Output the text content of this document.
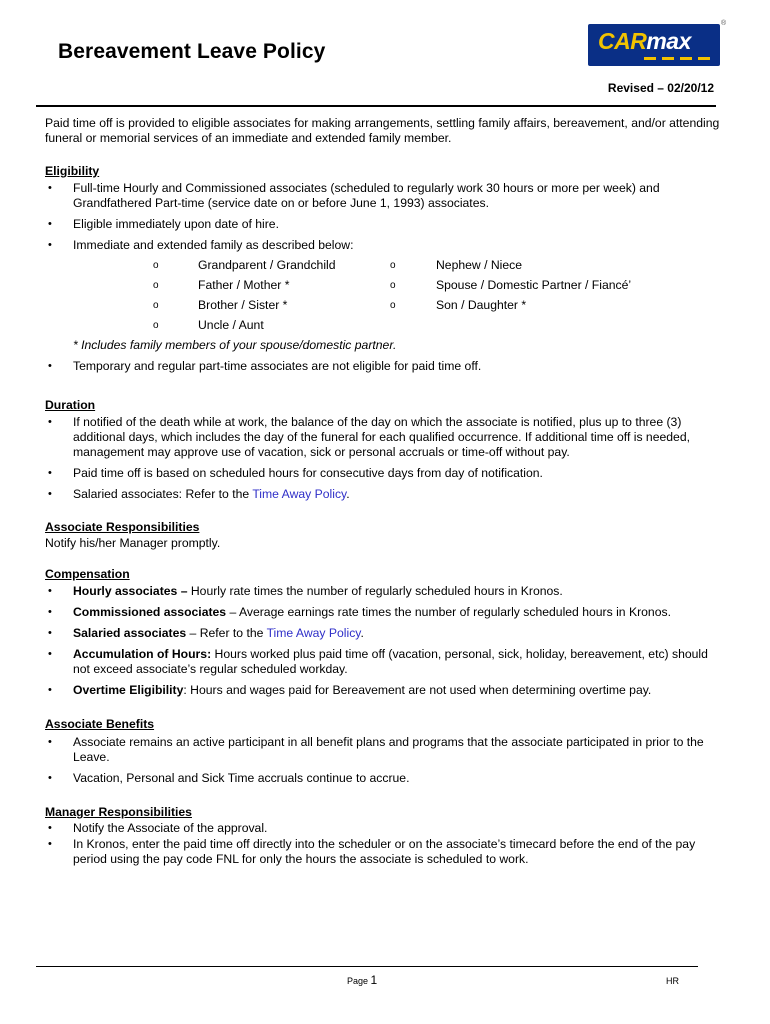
Bereavement Leave Policy	CARmax
®
Revised – 02/20/12

Paid time off is provided to eligible associates for making arrangements, settling family affairs, bereavement, and/or attending funeral or memorial services of an immediate and extended family member.

Eligibility
• Full-time Hourly and Commissioned associates (scheduled to regularly work 30 hours or more per week) and Grandfathered Part-time (service date on or before June 1, 1993) associates.

• Eligible immediately upon date of hire.

• Immediate and extended family as described below:

o	Grandparent / Grandchild	o	Nephew / Niece
o	Father / Mother *	o	Spouse / Domestic Partner / Fiancé’
o	Brother / Sister *	o	Son / Daughter *
o	Uncle / Aunt
* Includes family members of your spouse/domestic partner.
• Temporary and regular part-time associates are not eligible for paid time off.

Duration
• If notified of the death while at work, the balance of the day on which the associate is notified, plus up to three (3) additional days, which includes the day of the funeral for each qualified occurrence. If additional time off is needed, management may approve use of vacation, sick or personal accruals or time-off without pay.

• Paid time off is based on scheduled hours for consecutive days from day of notification.

• Salaried associates: Refer to the Time Away Policy.

Associate Responsibilities
Notify his/her Manager promptly.
Compensation
• Hourly associates – Hourly rate times the number of regularly scheduled hours in Kronos.

• Commissioned associates – Average earnings rate times the number of regularly scheduled hours in Kronos.

• Salaried associates – Refer to the Time Away Policy.

• Accumulation of Hours: Hours worked plus paid time off (vacation, personal, sick, holiday, bereavement, etc) should not exceed associate’s regular scheduled workday.

• Overtime Eligibility: Hours and wages paid for Bereavement are not used when determining overtime pay.

Associate Benefits
• Associate remains an active participant in all benefit plans and programs that the associate participated in prior to the Leave.

• Vacation, Personal and Sick Time accruals continue to accrue.

Manager Responsibilities
• Notify the Associate of the approval.

• In Kronos, enter the paid time off directly into the scheduler or on the associate’s timecard before the end of the pay period using the pay code FNL for only the hours the associate is scheduled to work.

Page 1	HR
